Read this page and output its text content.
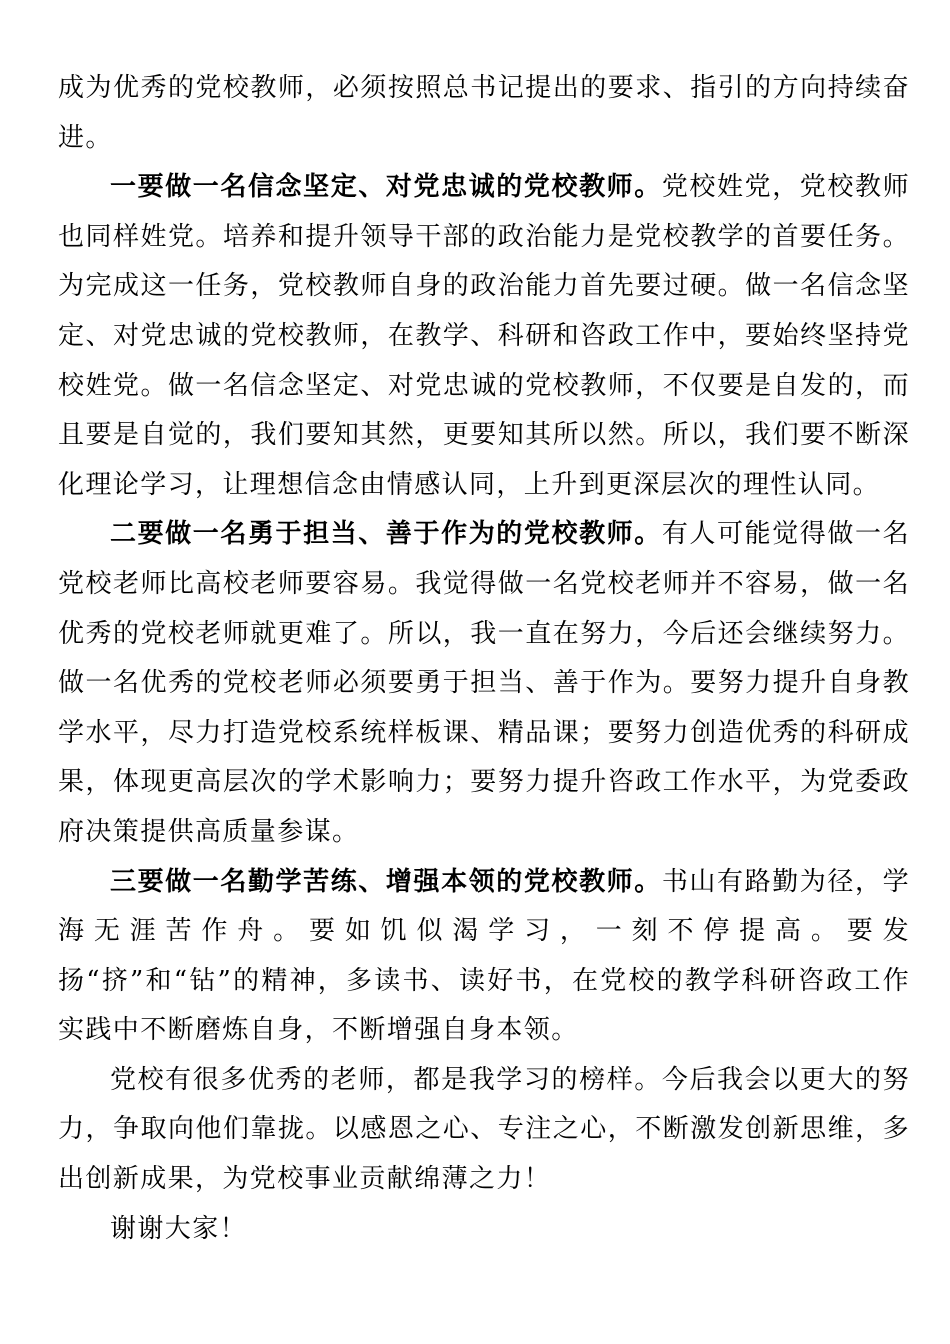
成为优秀的党校教师，必须按照总书记提出的要求、指引的方向持续奋进。

一要做一名信念坚定、对党忠诚的党校教师。党校姓党，党校教师也同样姓党。培养和提升领导干部的政治能力是党校教学的首要任务。为完成这一任务，党校教师自身的政治能力首先要过硬。做一名信念坚定、对党忠诚的党校教师，在教学、科研和咨政工作中，要始终坚持党校姓党。做一名信念坚定、对党忠诚的党校教师，不仅要是自发的，而且要是自觉的，我们要知其然，更要知其所以然。所以，我们要不断深化理论学习，让理想信念由情感认同，上升到更深层次的理性认同。

二要做一名勇于担当、善于作为的党校教师。有人可能觉得做一名党校老师比高校老师要容易。我觉得做一名党校老师并不容易，做一名优秀的党校老师就更难了。所以，我一直在努力，今后还会继续努力。做一名优秀的党校老师必须要勇于担当、善于作为。要努力提升自身教学水平，尽力打造党校系统样板课、精品课；要努力创造优秀的科研成果，体现更高层次的学术影响力；要努力提升咨政工作水平，为党委政府决策提供高质量参谋。

三要做一名勤学苦练、增强本领的党校教师。书山有路勤为径，学海无涯苦作舟。要如饥似渴学习，一刻不停提高。要发扬“挤”和“钻”的精神，多读书、读好书，在党校的教学科研咨政工作实践中不断磨炼自身，不断增强自身本领。

党校有很多优秀的老师，都是我学习的榜样。今后我会以更大的努力，争取向他们靠拢。以感恩之心、专注之心，不断激发创新思维，多出创新成果，为党校事业贡献绵薄之力！

谢谢大家！
